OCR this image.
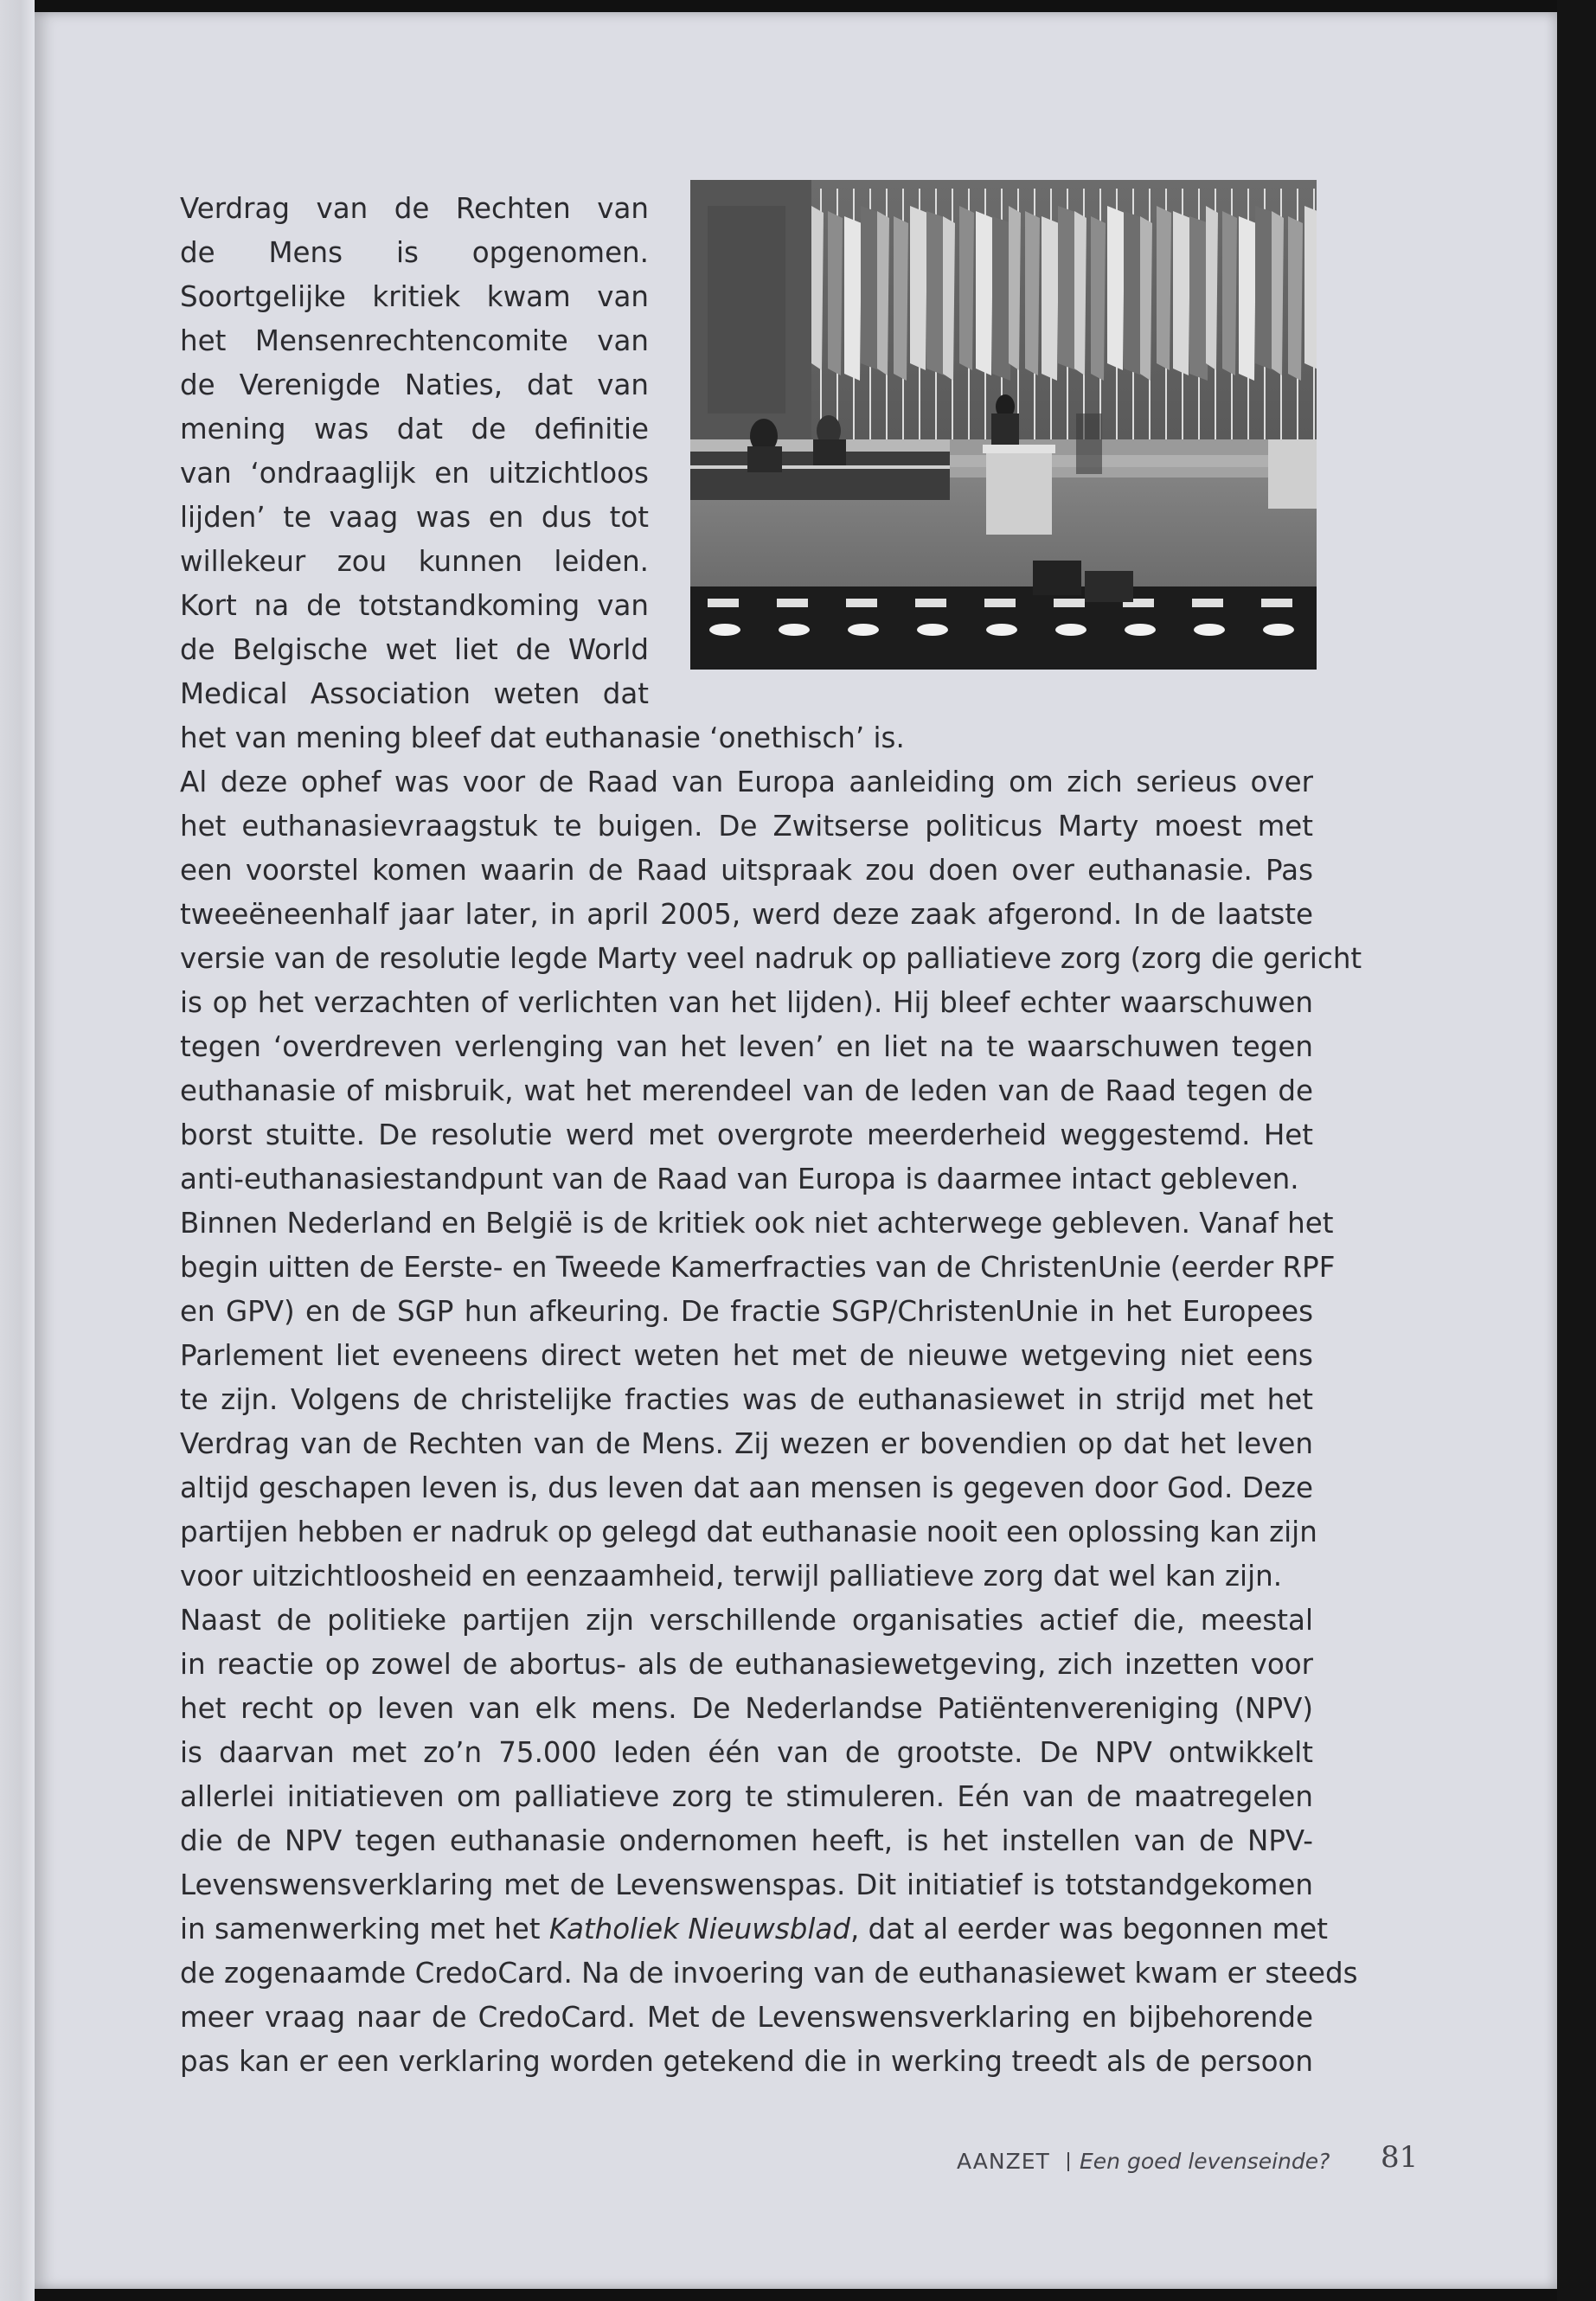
Verdrag van de Rechten van
de Mens is opgenomen.
Soortgelijke kritiek kwam van
het Mensenrechtencomite van
de Verenigde Naties, dat van
mening was dat de definitie
van ‘ondraaglijk en uitzichtloos
lijden’ te vaag was en dus tot
willekeur zou kunnen leiden.
Kort na de totstandkoming van
de Belgische wet liet de World
Medical Association weten dat
het van mening bleef dat euthanasie ‘onethisch’ is.
Al deze ophef was voor de Raad van Europa aanleiding om zich serieus over
het euthanasievraagstuk te buigen. De Zwitserse politicus Marty moest met
een voorstel komen waarin de Raad uitspraak zou doen over euthanasie. Pas
tweeëneenhalf jaar later, in april 2005, werd deze zaak afgerond. In de laatste
versie van de resolutie legde Marty veel nadruk op palliatieve zorg (zorg die gericht
is op het verzachten of verlichten van het lijden). Hij bleef echter waarschuwen
tegen ‘overdreven verlenging van het leven’ en liet na te waarschuwen tegen
euthanasie of misbruik, wat het merendeel van de leden van de Raad tegen de
borst stuitte. De resolutie werd met overgrote meerderheid weggestemd. Het
anti-euthanasiestandpunt van de Raad van Europa is daarmee intact gebleven.
Binnen Nederland en België is de kritiek ook niet achterwege gebleven. Vanaf het
begin uitten de Eerste- en Tweede Kamerfracties van de ChristenUnie (eerder RPF
en GPV) en de SGP hun afkeuring. De fractie SGP/ChristenUnie in het Europees
Parlement liet eveneens direct weten het met de nieuwe wetgeving niet eens
te zijn. Volgens de christelijke fracties was de euthanasiewet in strijd met het
Verdrag van de Rechten van de Mens. Zij wezen er bovendien op dat het leven
altijd geschapen leven is, dus leven dat aan mensen is gegeven door God. Deze
partijen hebben er nadruk op gelegd dat euthanasie nooit een oplossing kan zijn
voor uitzichtloosheid en eenzaamheid, terwijl palliatieve zorg dat wel kan zijn.
Naast de politieke partijen zijn verschillende organisaties actief die, meestal
in reactie op zowel de abortus- als de euthanasiewetgeving, zich inzetten voor
het recht op leven van elk mens. De Nederlandse Patiëntenvereniging (NPV)
is daarvan met zo’n 75.000 leden één van de grootste. De NPV ontwikkelt
allerlei initiatieven om palliatieve zorg te stimuleren. Eén van de maatregelen
die de NPV tegen euthanasie ondernomen heeft, is het instellen van de NPV-
Levenswensverklaring met de Levenswenspas. Dit initiatief is totstandgekomen
in samenwerking met het Katholiek Nieuwsblad, dat al eerder was begonnen met
de zogenaamde CredoCard. Na de invoering van de euthanasiewet kwam er steeds
meer vraag naar de CredoCard. Met de Levenswensverklaring en bijbehorende
pas kan er een verklaring worden getekend die in werking treedt als de persoon
AANZET Een goed levenseinde? 81
